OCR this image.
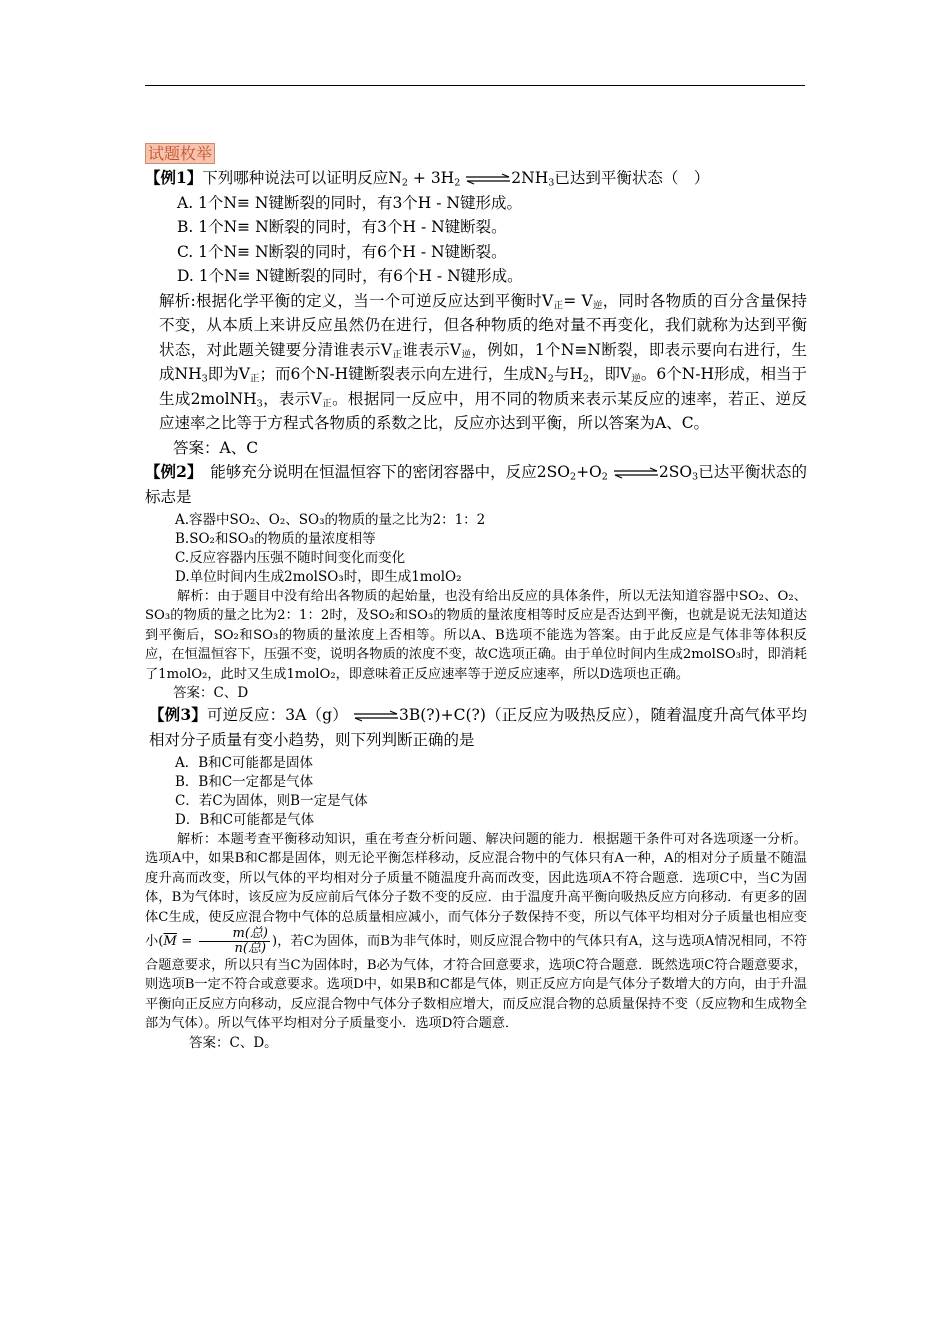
试题枚举

【例1】下列哪种说法可以证明反应$N_2 + 3H_2$ $\rightleftharpoons 2NH_3$已达到平衡状态（　）

A. 1个N≡ N键断裂的同时，有3个H - N键形成。

B. 1个N≡ N断裂的同时，有3个H - N键断裂。

C. 1个N≡ N断裂的同时，有6个H - N键断裂。

D. 1个N≡ N键断裂的同时，有6个H - N键形成。

解析:根据化学平衡的定义，当一个可逆反应达到平衡时$V_正= V_逆$，同时各物质的百分含量保持不变，从本质上来讲反应虽然仍在进行，但各种物质的绝对量不再变化，我们就称为达到平衡状态，对此题关键要分清谁表示$V_正$谁表示$V_逆$，例如，1个N≡N断裂，即表示要向右进行，生成$NH_3$即为$V_正$；而6个N-H键断裂表示向左进行，生成$N_2$与$H_2$，即$V_逆$。6个N-H形成，相当于生成2molNH$_3$，表示$V_正$。根据同一反应中，用不同的物质来表示某反应的速率，若正、逆反应速率之比等于方程式各物质的系数之比，反应亦达到平衡，所以答案为A、C。

答案：A、C

【例2】　能够充分说明在恒温恒容下的密闭容器中，反应$2SO_2+O_2$ $\rightleftharpoons 2SO_3$已达平衡状态的标志是

A.容器中SO₂、O₂、SO₃的物质的量之比为2：1：2

B.SO₂和SO₃的物质的量浓度相等

C.反应容器内压强不随时间变化而变化

D.单位时间内生成2molSO₃时，即生成1molO₂

解析：由于题目中没有给出各物质的起始量，也没有给出反应的具体条件，所以无法知道容器中SO₂、O₂、SO₃的物质的量之比为2：1：2时，及SO₂和SO₃的物质的量浓度相等时反应是否达到平衡，也就是说无法知道达到平衡后，SO₂和SO₃的物质的量浓度上否相等。所以A、B选项不能选为答案。由于此反应是气体非等体积反应，在恒温恒容下，压强不变，说明各物质的浓度不变，故C选项正确。由于单位时间内生成2molSO₃时，即消耗了1molO₂，此时又生成1molO₂，即意味着正反应速率等于逆反应速率，所以D选项也正确。

答案：C、D

【例3】可逆反应：3A（g） ⇌3B(?)+C(?)（正反应为吸热反应），随着温度升高气体平均相对分子质量有变小趋势，则下列判断正确的是

A．B和C可能都是固体

B．B和C一定都是气体

C．若C为固体，则B一定是气体

D．B和C可能都是气体

解析：本题考查平衡移动知识，重在考查分析问题、解决问题的能力．根据题干条件可对各选项逐一分析。选项A中，如果B和C都是固体，则无论平衡怎样移动，反应混合物中的气体只有A一种，A的相对分子质量不随温度升高而改变，所以气体的平均相对分子质量不随温度升高而改变，因此选项A不符合题意．选项C中，当C为固体，B为气体时，该反应为反应前后气体分子数不变的反应．由于温度升高平衡向吸热反应方向移动．有更多的固体C生成，使反应混合物中气体的总质量相应减小，而气体分子数保持不变，所以气体平均相对分子质量也相应变小($\overline{M} = \frac{\text{m(总)}}{\text{n(总)}}$ )，若C为固体，而B为非气体时，则反应混合物中的气体只有A，这与选项A情况相同，不符合题意要求，所以只有当C为固体时，B必为气体，才符合回意要求，选项C符合题意．既然选项C符合题意要求，则选项B一定不符合或意要求。选项D中，如果B和C都是气体，则正反应方向是气体分子数增大的方向，由于升温平衡向正反应方向移动，反应混合物中气体分子数相应增大，而反应混合物的总质量保持不变（反应物和生成物全部为气体）。所以气体平均相对分子质量变小．选项D符合题意．

答案：C、D。
